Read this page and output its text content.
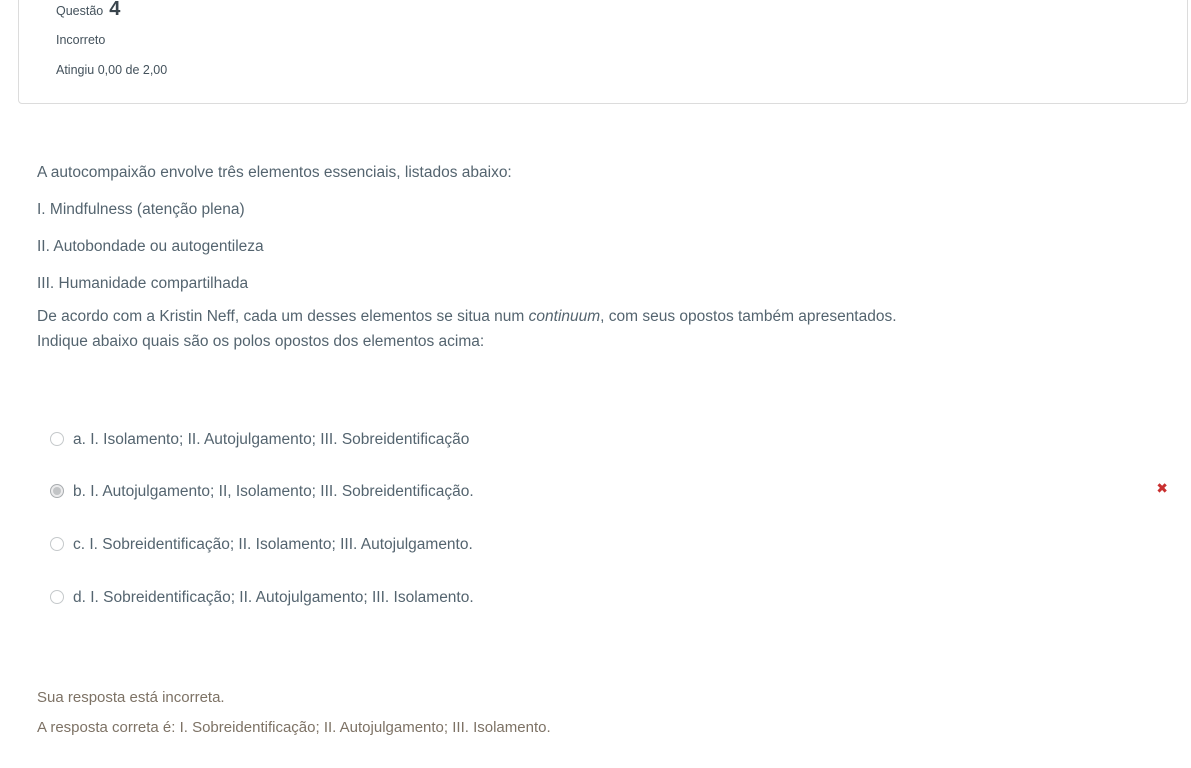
Questão 4
Incorreto
Atingiu 0,00 de 2,00
A autocompaixão envolve três elementos essenciais, listados abaixo:
I. Mindfulness (atenção plena)
II. Autobondade ou autogentileza
III. Humanidade compartilhada
De acordo com a Kristin Neff, cada um desses elementos se situa num continuum, com seus opostos também apresentados.
Indique abaixo quais são os polos opostos dos elementos acima:
a. I. Isolamento; II. Autojulgamento; III. Sobreidentificação
b. I. Autojulgamento; II, Isolamento; III. Sobreidentificação.	✖
c. I. Sobreidentificação; II. Isolamento; III. Autojulgamento.
d. I. Sobreidentificação; II. Autojulgamento; III. Isolamento.
Sua resposta está incorreta.
A resposta correta é: I. Sobreidentificação; II. Autojulgamento; III. Isolamento.
